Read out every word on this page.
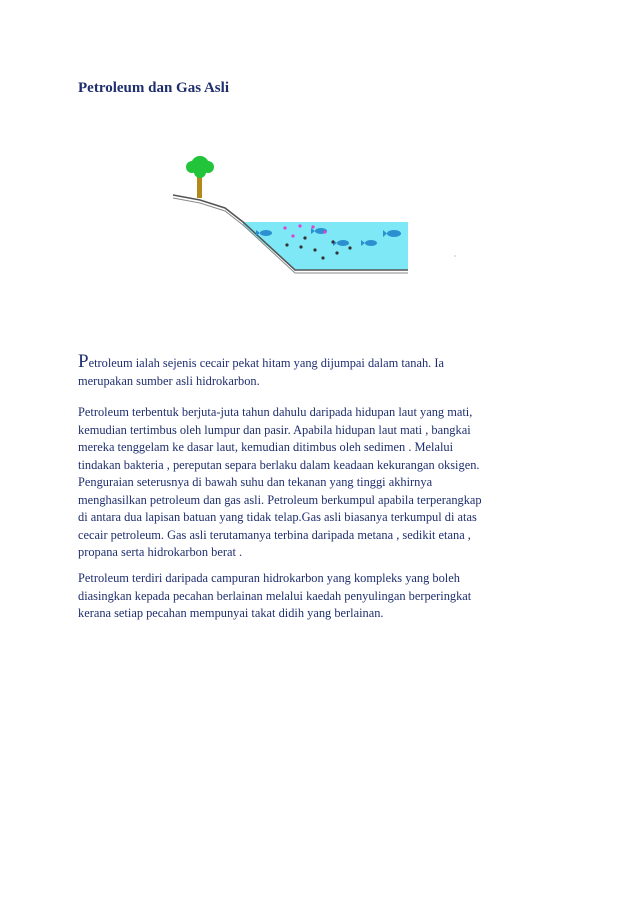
Petroleum dan Gas Asli
Petroleum ialah sejenis cecair pekat hitam yang dijumpai dalam tanah. Ia
merupakan sumber asli hidrokarbon.
Petroleum terbentuk berjuta-juta tahun dahulu daripada hidupan laut yang mati,
kemudian tertimbus oleh lumpur dan pasir. Apabila hidupan laut mati , bangkai
mereka tenggelam ke dasar laut, kemudian ditimbus oleh sedimen . Melalui
tindakan bakteria , pereputan separa berlaku dalam keadaan kekurangan oksigen.
Penguraian seterusnya di bawah suhu dan tekanan yang tinggi akhirnya
menghasilkan petroleum dan gas asli. Petroleum berkumpul apabila terperangkap
di antara dua lapisan batuan yang tidak telap.Gas asli biasanya terkumpul di atas
cecair petroleum. Gas asli terutamanya terbina daripada metana , sedikit etana ,
propana serta hidrokarbon berat .
Petroleum terdiri daripada campuran hidrokarbon yang kompleks yang boleh
diasingkan kepada pecahan berlainan melalui kaedah penyulingan berperingkat
kerana setiap pecahan mempunyai takat didih yang berlainan.
